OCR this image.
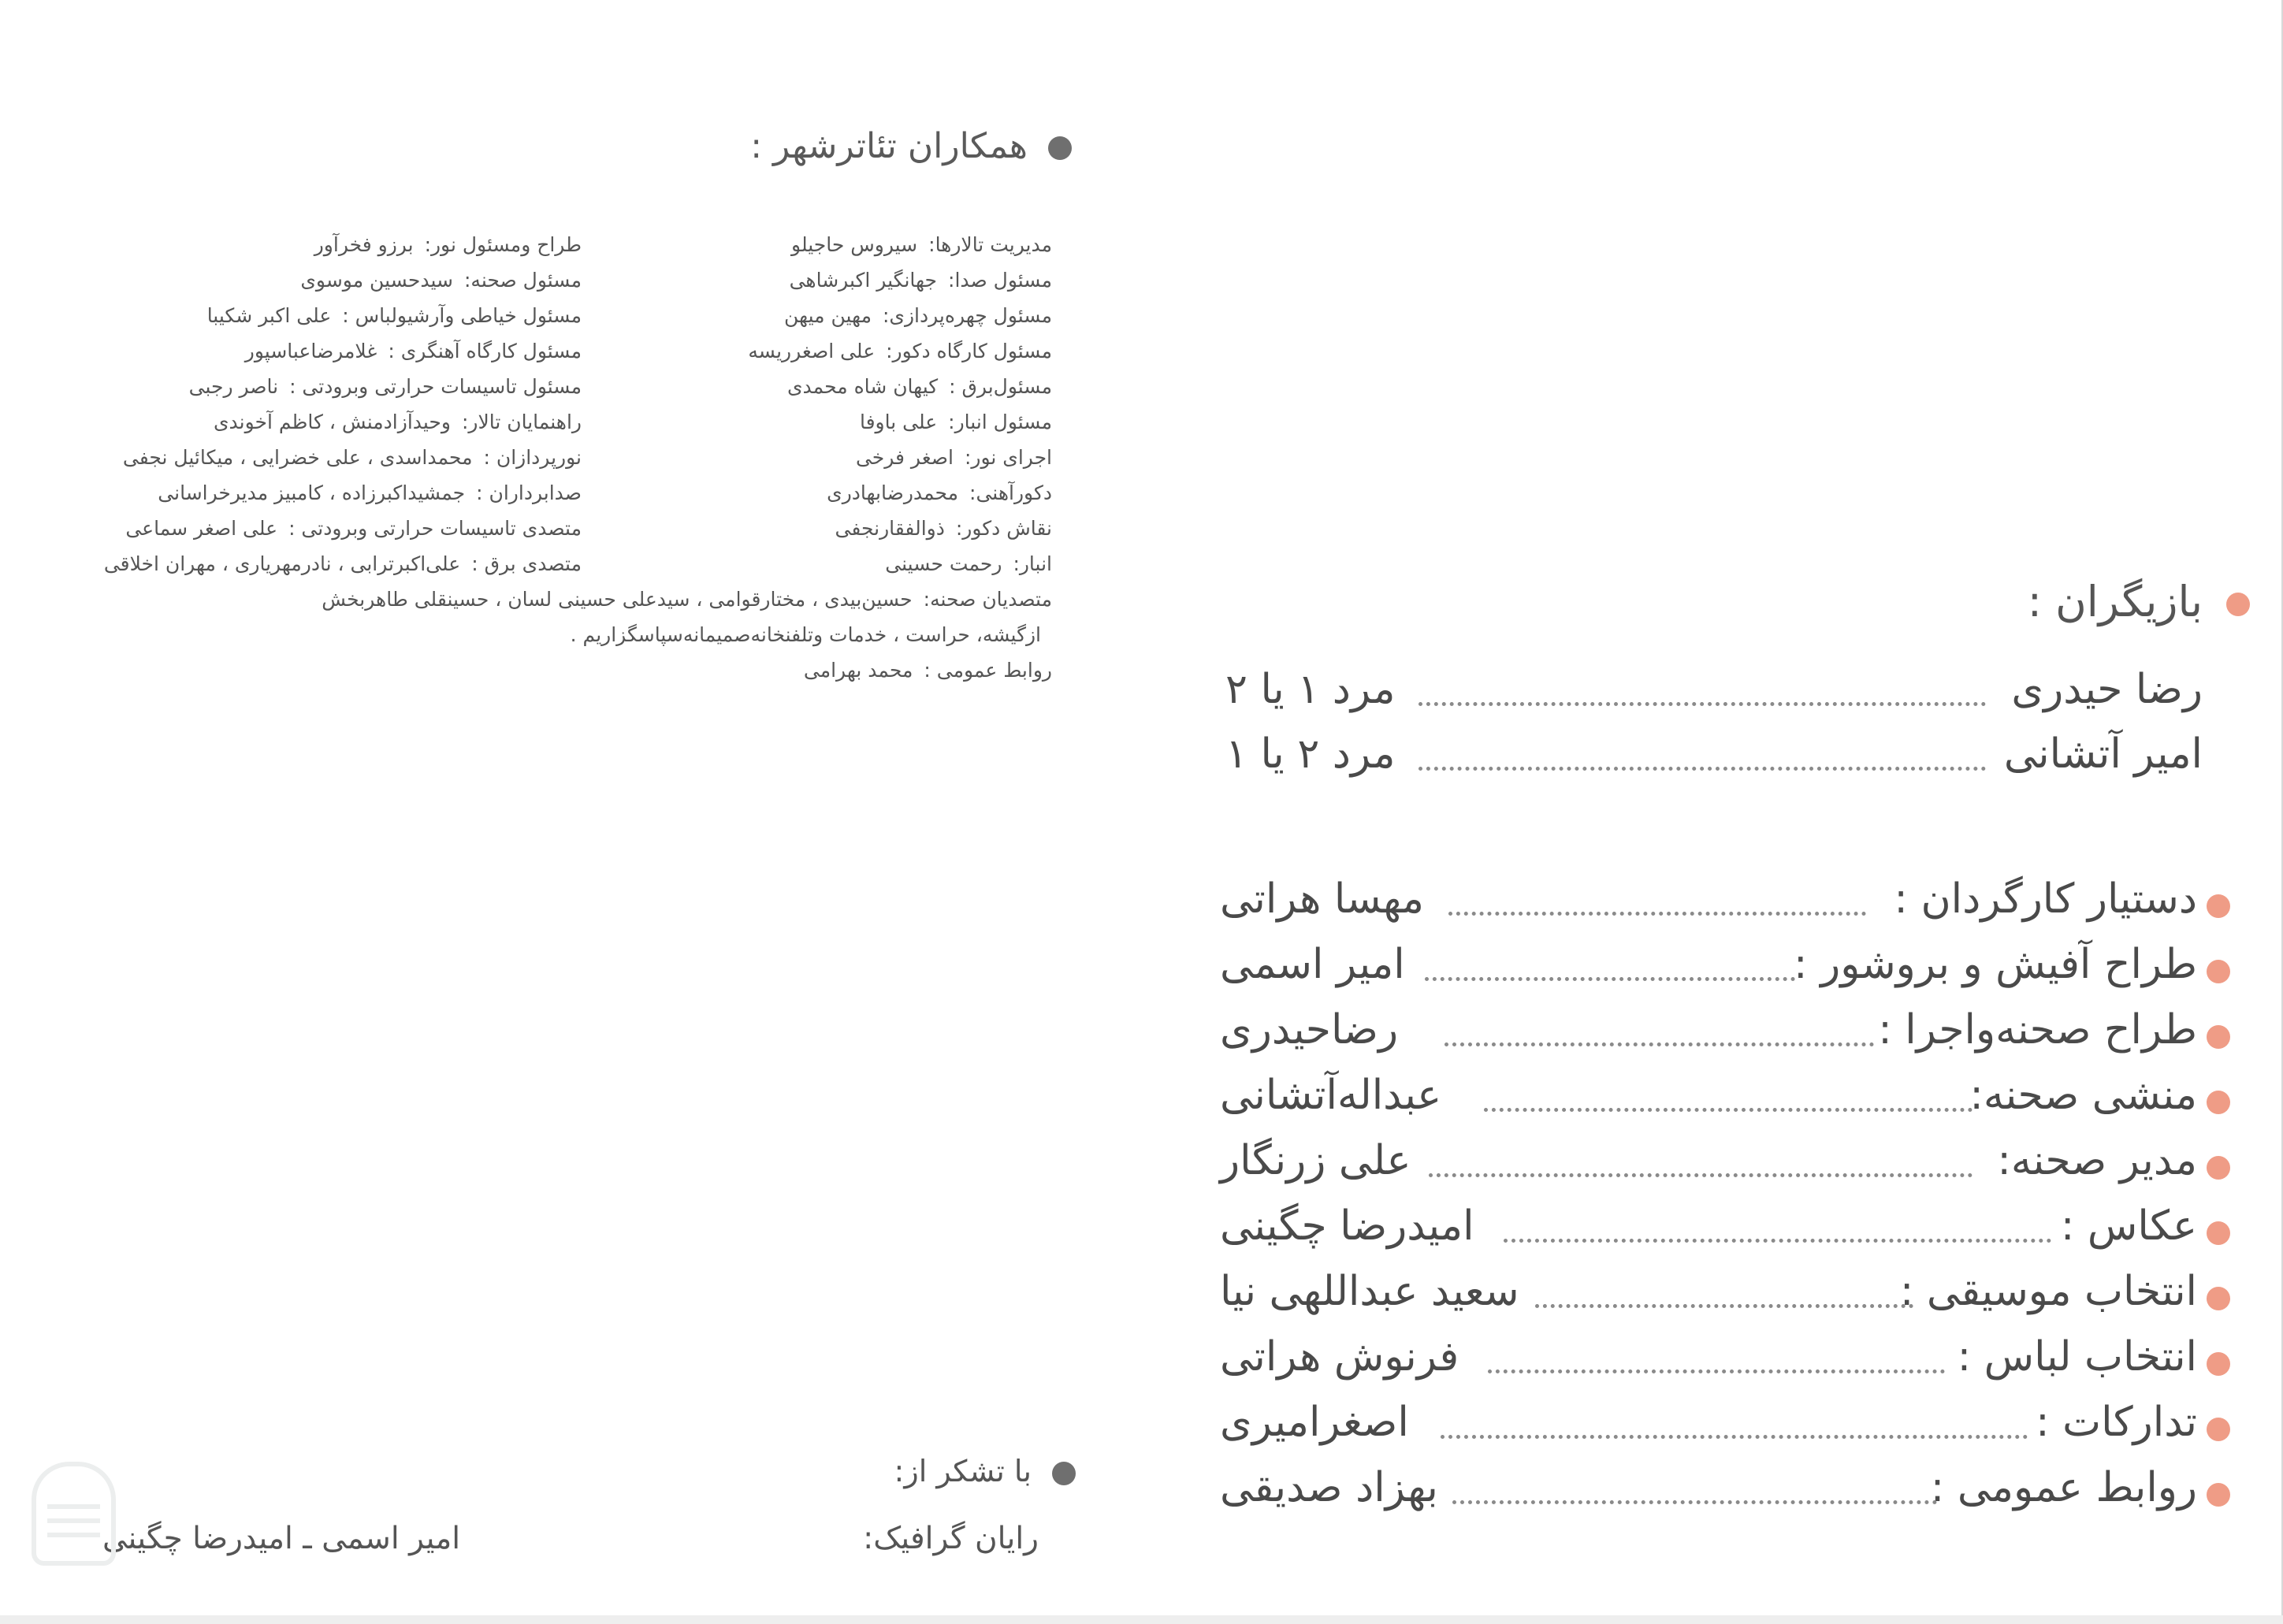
همکاران تئاترشهر :
مدیریت تالارها:سیروس حاجیلو
مسئول صدا:جهانگیر اکبرشاهی
مسئول چهره‌پردازی:مهین میهن
مسئول کارگاه دکور:علی اصغرریسه
مسئول‌برق :کیهان شاه محمدی
مسئول انبار:علی باوفا
اجرای نور:اصغر فرخی
دکورآهنی:محمدرضابهادری
نقاش دکور:ذوالفقارنجفی
انبار:رحمت حسینی
متصدیان صحنه:حسین‌بیدی ، مختارقوامی ، سیدعلی حسینی لسان ، حسینقلی طاهربخش
ازگیشه، حراست ، خدمات وتلفنخانه‌صمیمانه‌سپاسگزاریم .
روابط عمومی :محمد بهرامی
طراح ومسئول نور:برزو فخرآور
مسئول صحنه:سیدحسین موسوی
مسئول خیاطی وآرشیولباس :علی اکبر شکیبا
مسئول کارگاه آهنگری :غلامرضاعباسپور
مسئول تاسیسات حرارتی وبرودتی :ناصر رجبی
راهنمایان تالار:وحیدآزادمنش ، کاظم آخوندی
نورپردازان :محمداسدی ، علی خضرایی ، میکائیل نجفی
صدابرداران :جمشیداکبرزاده ، کامبیز مدیرخراسانی
متصدی تاسیسات حرارتی وبرودتی :علی اصغر سماعی
متصدی برق :علی‌اکبرترابی ، نادرمهریاری ، مهران اخلاقی
با تشکر از:
رایان گرافیک:
امیر اسمی ـ امیدرضا چگینی
بازیگران :
رضا حیدری
مرد ۱ یا ۲
امیر آتشانی
مرد ۲ یا ۱
دستیار کارگردان :
مهسا هراتی
طراح آفیش و بروشور :
امیر اسمی
طراح صحنه‌واجرا :
رضاحیدری
منشی صحنه:
عبداله‌آتشانی
مدیر صحنه:
علی زرنگار
عکاس :
امیدرضا چگینی
انتخاب موسیقی :
سعید عبداللهی نیا
انتخاب لباس :
فرنوش هراتی
تدارکات :
اصغرامیری
روابط عمومی :
بهزاد صدیقی
